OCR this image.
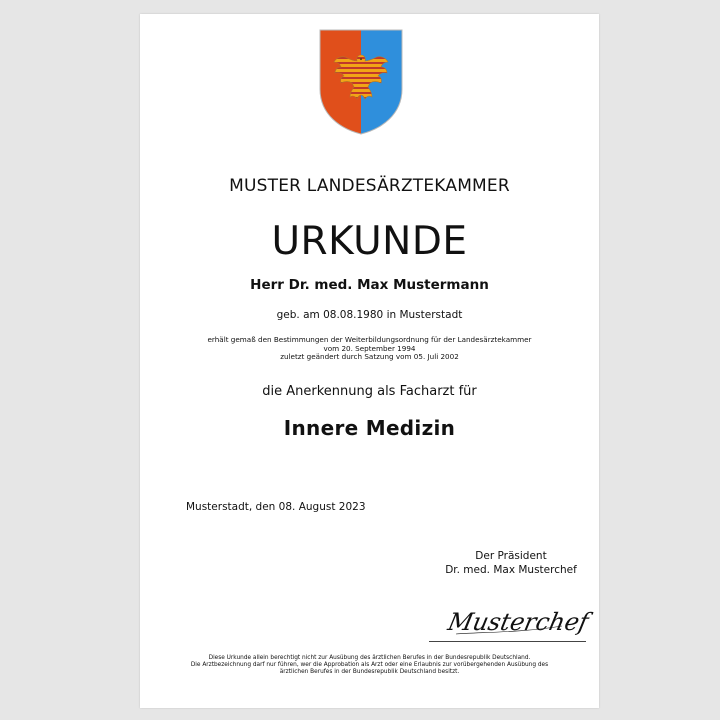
MUSTER LANDESÄRZTEKAMMER
URKUNDE
Herr Dr. med. Max Mustermann
geb. am 08.08.1980 in Musterstadt
erhält gemaß den Bestimmungen der Weiterbildungsordnung für der Landesärztekammer
vom 20. September 1994
zuletzt geändert durch Satzung vom 05. Juli 2002
die Anerkennung als Facharzt für
Innere Medizin
Musterstadt, den 08. August 2023
Der Präsident
Dr. med. Max Musterchef
Musterchef
Diese Urkunde allein berechtigt nicht zur Ausübung des ärztlichen Berufes in der Bundesrepublik Deutschland.
Die Arztbezeichnung darf nur führen, wer die Approbation als Arzt oder eine Erlaubnis zur vorübergehenden Ausübung des
ärztlichen Berufes in der Bundesrepublik Deutschland besitzt.
